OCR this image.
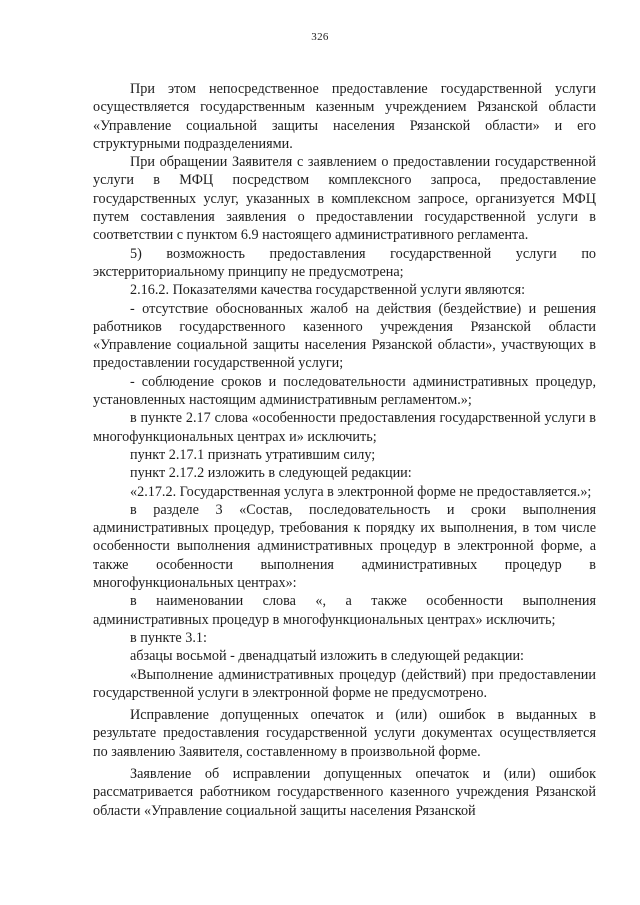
326

При этом непосредственное предоставление государственной услуги осуществляется государственным казенным учреждением Рязанской области «Управление социальной защиты населения Рязанской области» и его структурными подразделениями.

При обращении Заявителя с заявлением о предоставлении государственной услуги в МФЦ посредством комплексного запроса, предоставление государственных услуг, указанных в комплексном запросе, организуется МФЦ путем составления заявления о предоставлении государственной услуги в соответствии с пунктом 6.9 настоящего административного регламента.

5) возможность предоставления государственной услуги по экстерриториальному принципу не предусмотрена;

2.16.2. Показателями качества государственной услуги являются:

- отсутствие обоснованных жалоб на действия (бездействие) и решения работников государственного казенного учреждения Рязанской области «Управление социальной защиты населения Рязанской области», участвующих в предоставлении государственной услуги;

- соблюдение сроков и последовательности административных процедур, установленных настоящим административным регламентом.»;

в пункте 2.17 слова «особенности предоставления государственной услуги в многофункциональных центрах и» исключить;

пункт 2.17.1 признать утратившим силу;

пункт 2.17.2 изложить в следующей редакции:

«2.17.2. Государственная услуга в электронной форме не предоставляется.»;

в разделе 3 «Состав, последовательность и сроки выполнения административных процедур, требования к порядку их выполнения, в том числе особенности выполнения административных процедур в электронной форме, а также особенности выполнения административных процедур в многофункциональных центрах»:

в наименовании слова «, а также особенности выполнения административных процедур в многофункциональных центрах» исключить;

в пункте 3.1:

абзацы восьмой - двенадцатый изложить в следующей редакции:

«Выполнение административных процедур (действий) при предоставлении государственной услуги в электронной форме не предусмотрено.

Исправление допущенных опечаток и (или) ошибок в выданных в результате предоставления государственной услуги документах осуществляется по заявлению Заявителя, составленному в произвольной форме.

Заявление об исправлении допущенных опечаток и (или) ошибок рассматривается работником государственного казенного учреждения Рязанской области «Управление социальной защиты населения Рязанской
